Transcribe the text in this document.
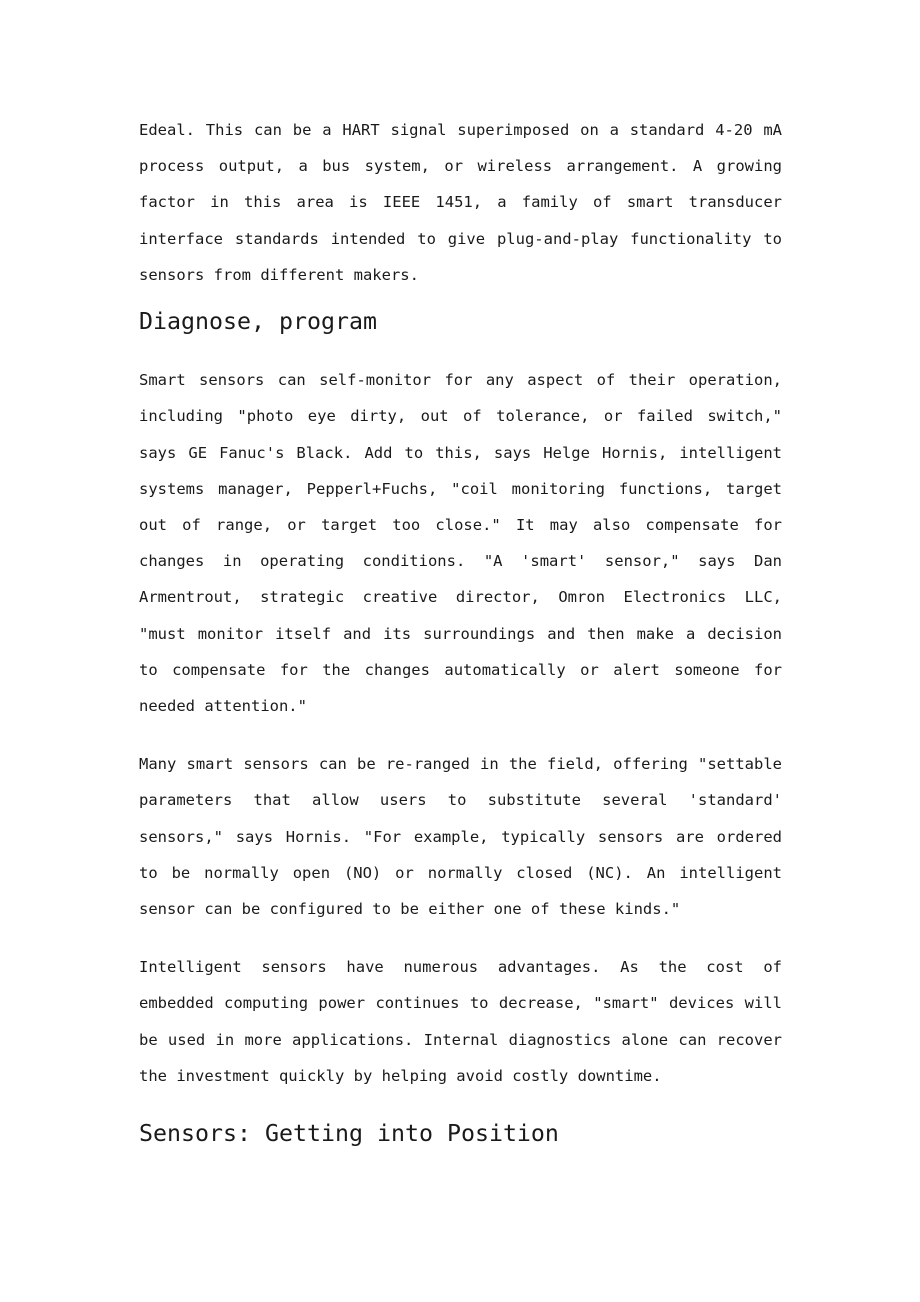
Edeal. This can be a HART signal superimposed on a standard 4-20 mA process output, a bus system, or wireless arrangement. A growing factor in this area is IEEE 1451, a family of smart transducer interface standards intended to give plug-and-play functionality to sensors from different makers.

Diagnose, program

Smart sensors can self-monitor for any aspect of their operation, including "photo eye dirty, out of tolerance, or failed switch," says GE Fanuc's Black. Add to this, says Helge Hornis, intelligent systems manager, Pepperl+Fuchs, "coil monitoring functions, target out of range, or target too close." It may also compensate for changes in operating conditions. "A 'smart' sensor," says Dan Armentrout, strategic creative director, Omron Electronics LLC, "must monitor itself and its surroundings and then make a decision to compensate for the changes automatically or alert someone for needed attention."

Many smart sensors can be re-ranged in the field, offering "settable parameters that allow users to substitute several 'standard' sensors," says Hornis. "For example, typically sensors are ordered to be normally open (NO) or normally closed (NC). An intelligent sensor can be configured to be either one of these kinds."

Intelligent sensors have numerous advantages. As the cost of embedded computing power continues to decrease, "smart" devices will be used in more applications. Internal diagnostics alone can recover the investment quickly by helping avoid costly downtime.

Sensors: Getting into Position
